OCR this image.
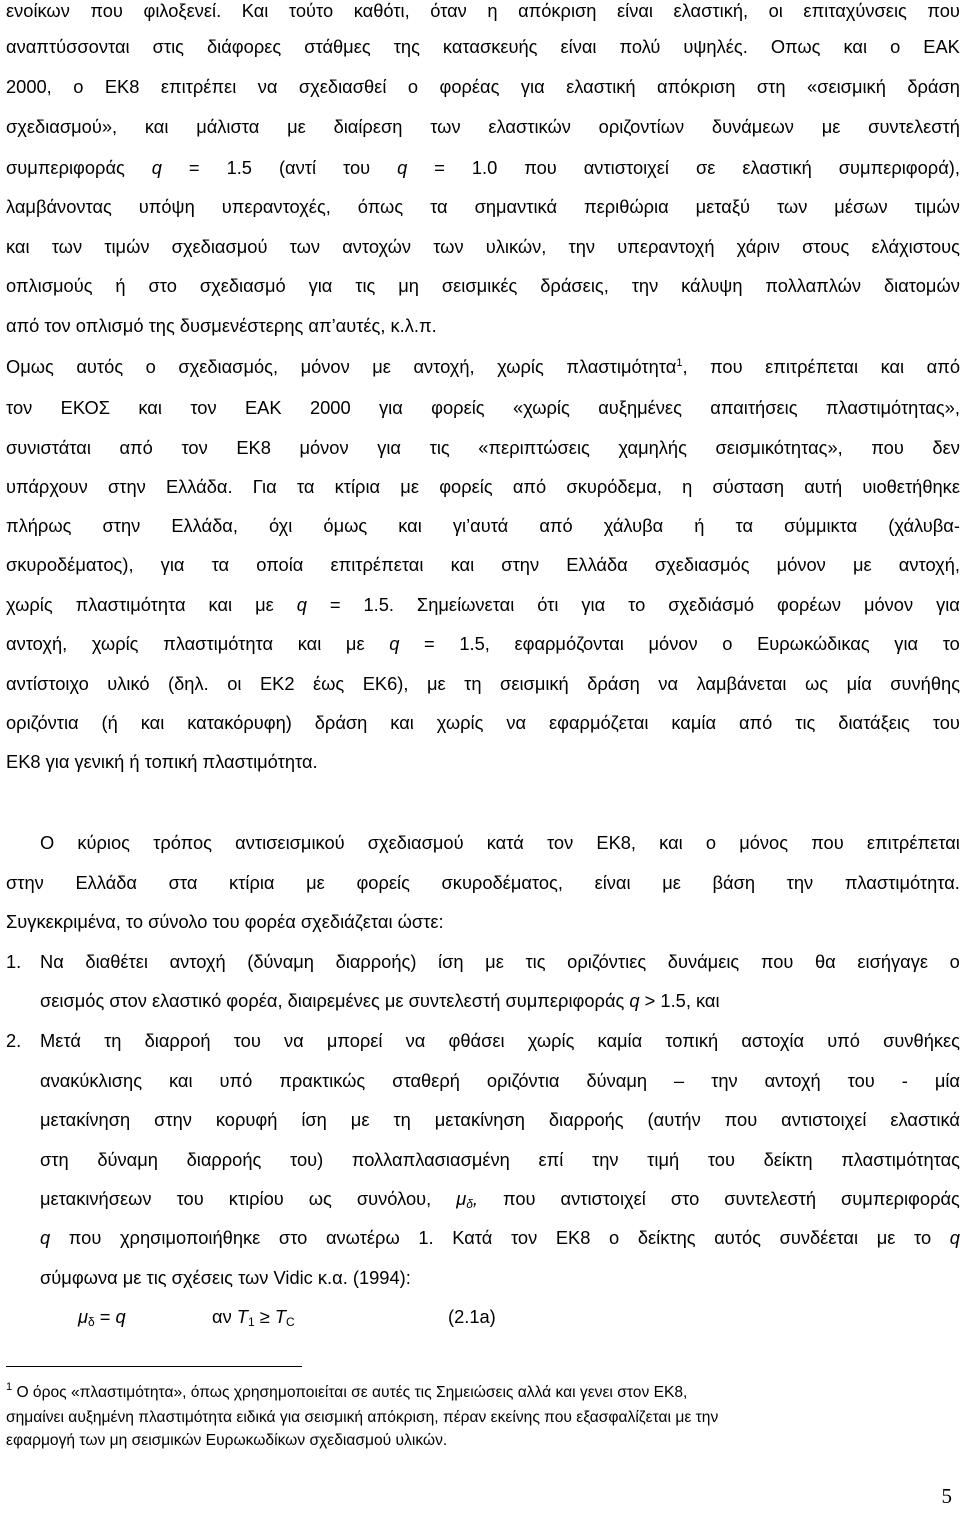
ενοίκων που φιλοξενεί. Και τούτο καθότι, όταν η απόκριση είναι ελαστική, οι επιταχύνσεις που
αναπτύσσονται στις διάφορες στάθμες της κατασκευής είναι πολύ υψηλές. Οπως και ο ΕΑΚ
2000, ο ΕΚ8 επιτρέπει να σχεδιασθεί ο φορέας για ελαστική απόκριση στη «σεισμική δράση
σχεδιασμού», και μάλιστα με διαίρεση των ελαστικών οριζοντίων δυνάμεων με συντελεστή
συμπεριφοράς q = 1.5 (αντί του q = 1.0 που αντιστοιχεί σε ελαστική συμπεριφορά),
λαμβάνοντας υπόψη υπεραντοχές, όπως τα σημαντικά περιθώρια μεταξύ των μέσων τιμών
και των τιμών σχεδιασμού των αντοχών των υλικών, την υπεραντοχή χάριν στους ελάχιστους
οπλισμούς ή στο σχεδιασμό για τις μη σεισμικές δράσεις, την κάλυψη πολλαπλών διατομών
από τον οπλισμό της δυσμενέστερης απ’αυτές, κ.λ.π.
Ομως αυτός ο σχεδιασμός, μόνον με αντοχή, χωρίς πλαστιμότητα$^1$, που επιτρέπεται και από
τον ΕΚΟΣ και τον ΕΑΚ 2000 για φορείς «χωρίς αυξημένες απαιτήσεις πλαστιμότητας»,
συνιστάται από τον ΕΚ8 μόνον για τις «περιπτώσεις χαμηλής σεισμικότητας», που δεν
υπάρχουν στην Ελλάδα. Για τα κτίρια με φορείς από σκυρόδεμα, η σύσταση αυτή υιοθετήθηκε
πλήρως στην Ελλάδα, όχι όμως και γι’αυτά από χάλυβα ή τα σύμμικτα (χάλυβα-
σκυροδέματος), για τα οποία επιτρέπεται και στην Ελλάδα σχεδιασμός μόνον με αντοχή,
χωρίς πλαστιμότητα και με q = 1.5. Σημείωνεται ότι για το σχεδιάσμό φορέων μόνον για
αντοχή, χωρίς πλαστιμότητα και με q = 1.5, εφαρμόζονται μόνον ο Ευρωκώδικας για το
αντίστοιχο υλικό (δηλ. οι ΕΚ2 έως ΕΚ6), με τη σεισμική δράση να λαμβάνεται ως μία συνήθης
οριζόντια (ή και κατακόρυφη) δράση και χωρίς να εφαρμόζεται καμία από τις διατάξεις του
ΕΚ8 για γενική ή τοπική πλαστιμότητα.
Ο κύριος τρόπος αντισεισμικού σχεδιασμού κατά τον ΕΚ8, και ο μόνος που επιτρέπεται
στην Ελλάδα στα κτίρια με φορείς σκυροδέματος, είναι με βάση την πλαστιμότητα.
Συγκεκριμένα, το σύνολο του φορέα σχεδιάζεται ώστε:
1.	Να διαθέτει αντοχή (δύναμη διαρροής) ίση με τις οριζόντιες δυνάμεις που θα εισήγαγε ο
σεισμός στον ελαστικό φορέα, διαιρεμένες με συντελεστή συμπεριφοράς q > 1.5, και
2.	Μετά τη διαρροή του να μπορεί να φθάσει χωρίς καμία τοπική αστοχία υπό συνθήκες
ανακύκλισης και υπό πρακτικώς σταθερή οριζόντια δύναμη – την αντοχή του - μία
μετακίνηση στην κορυφή ίση με τη μετακίνηση διαρροής (αυτήν που αντιστοιχεί ελαστικά
στη δύναμη διαρροής του) πολλαπλασιασμένη επί την τιμή του δείκτη πλαστιμότητας
μετακινήσεων του κτιρίου ως συνόλου, $\mu_\delta$, που αντιστοιχεί στο συντελεστή συμπεριφοράς
q που χρησιμοποιήθηκε στο ανωτέρω 1. Κατά τον ΕΚ8 ο δείκτης αυτός συνδέεται με το q
σύμφωνα με τις σχέσεις των Vidic κ.α. (1994):
$\mu_\delta = q$	αν $T_1 \ge T_C$	(2.1a)
$^1$ Ο όρος «πλαστιμότητα», όπως χρησημοποιείται σε αυτές τις Σημειώσεις αλλά και γενει στον ΕΚ8,
σημαίνει αυξημένη πλαστιμότητα ειδικά για σεισμική απόκριση, πέραν εκείνης που εξασφαλίζεται με την
εφαρμογή των μη σεισμικών Ευρωκωδίκων σχεδιασμού υλικών.
5
